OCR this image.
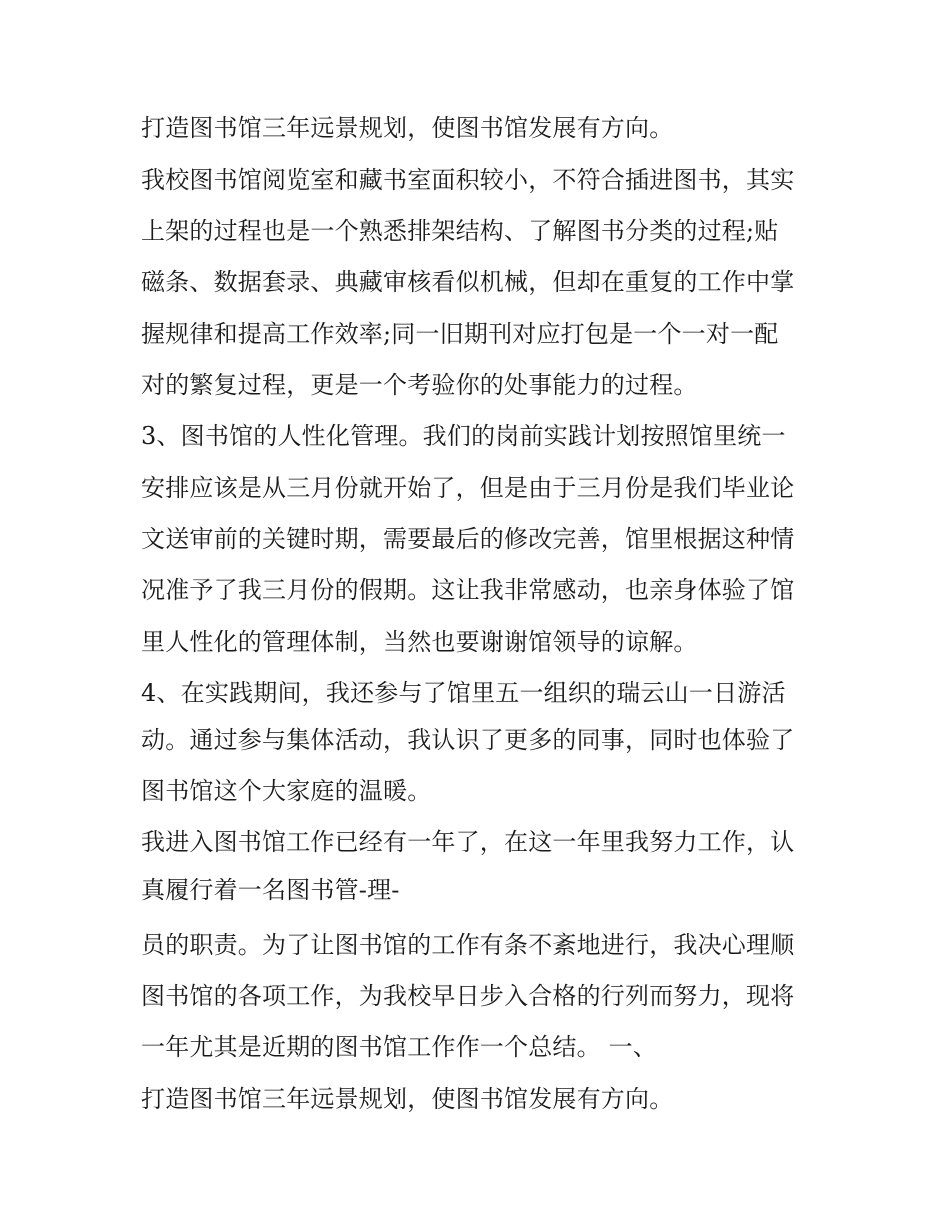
打造图书馆三年远景规划，使图书馆发展有方向。
我校图书馆阅览室和藏书室面积较小，不符合插进图书，其实
上架的过程也是一个熟悉排架结构、了解图书分类的过程;贴
磁条、数据套录、典藏审核看似机械，但却在重复的工作中掌
握规律和提高工作效率;同一旧期刊对应打包是一个一对一配
对的繁复过程，更是一个考验你的处事能力的过程。
3、图书馆的人性化管理。我们的岗前实践计划按照馆里统一
安排应该是从三月份就开始了，但是由于三月份是我们毕业论
文送审前的关键时期，需要最后的修改完善，馆里根据这种情
况准予了我三月份的假期。这让我非常感动，也亲身体验了馆
里人性化的管理体制，当然也要谢谢馆领导的谅解。
4、在实践期间，我还参与了馆里五一组织的瑞云山一日游活
动。通过参与集体活动，我认识了更多的同事，同时也体验了
图书馆这个大家庭的温暖。
我进入图书馆工作已经有一年了，在这一年里我努力工作，认
真履行着一名图书管-理-
员的职责。为了让图书馆的工作有条不紊地进行，我决心理顺
图书馆的各项工作，为我校早日步入合格的行列而努力，现将
一年尤其是近期的图书馆工作作一个总结。 一、
打造图书馆三年远景规划，使图书馆发展有方向。
